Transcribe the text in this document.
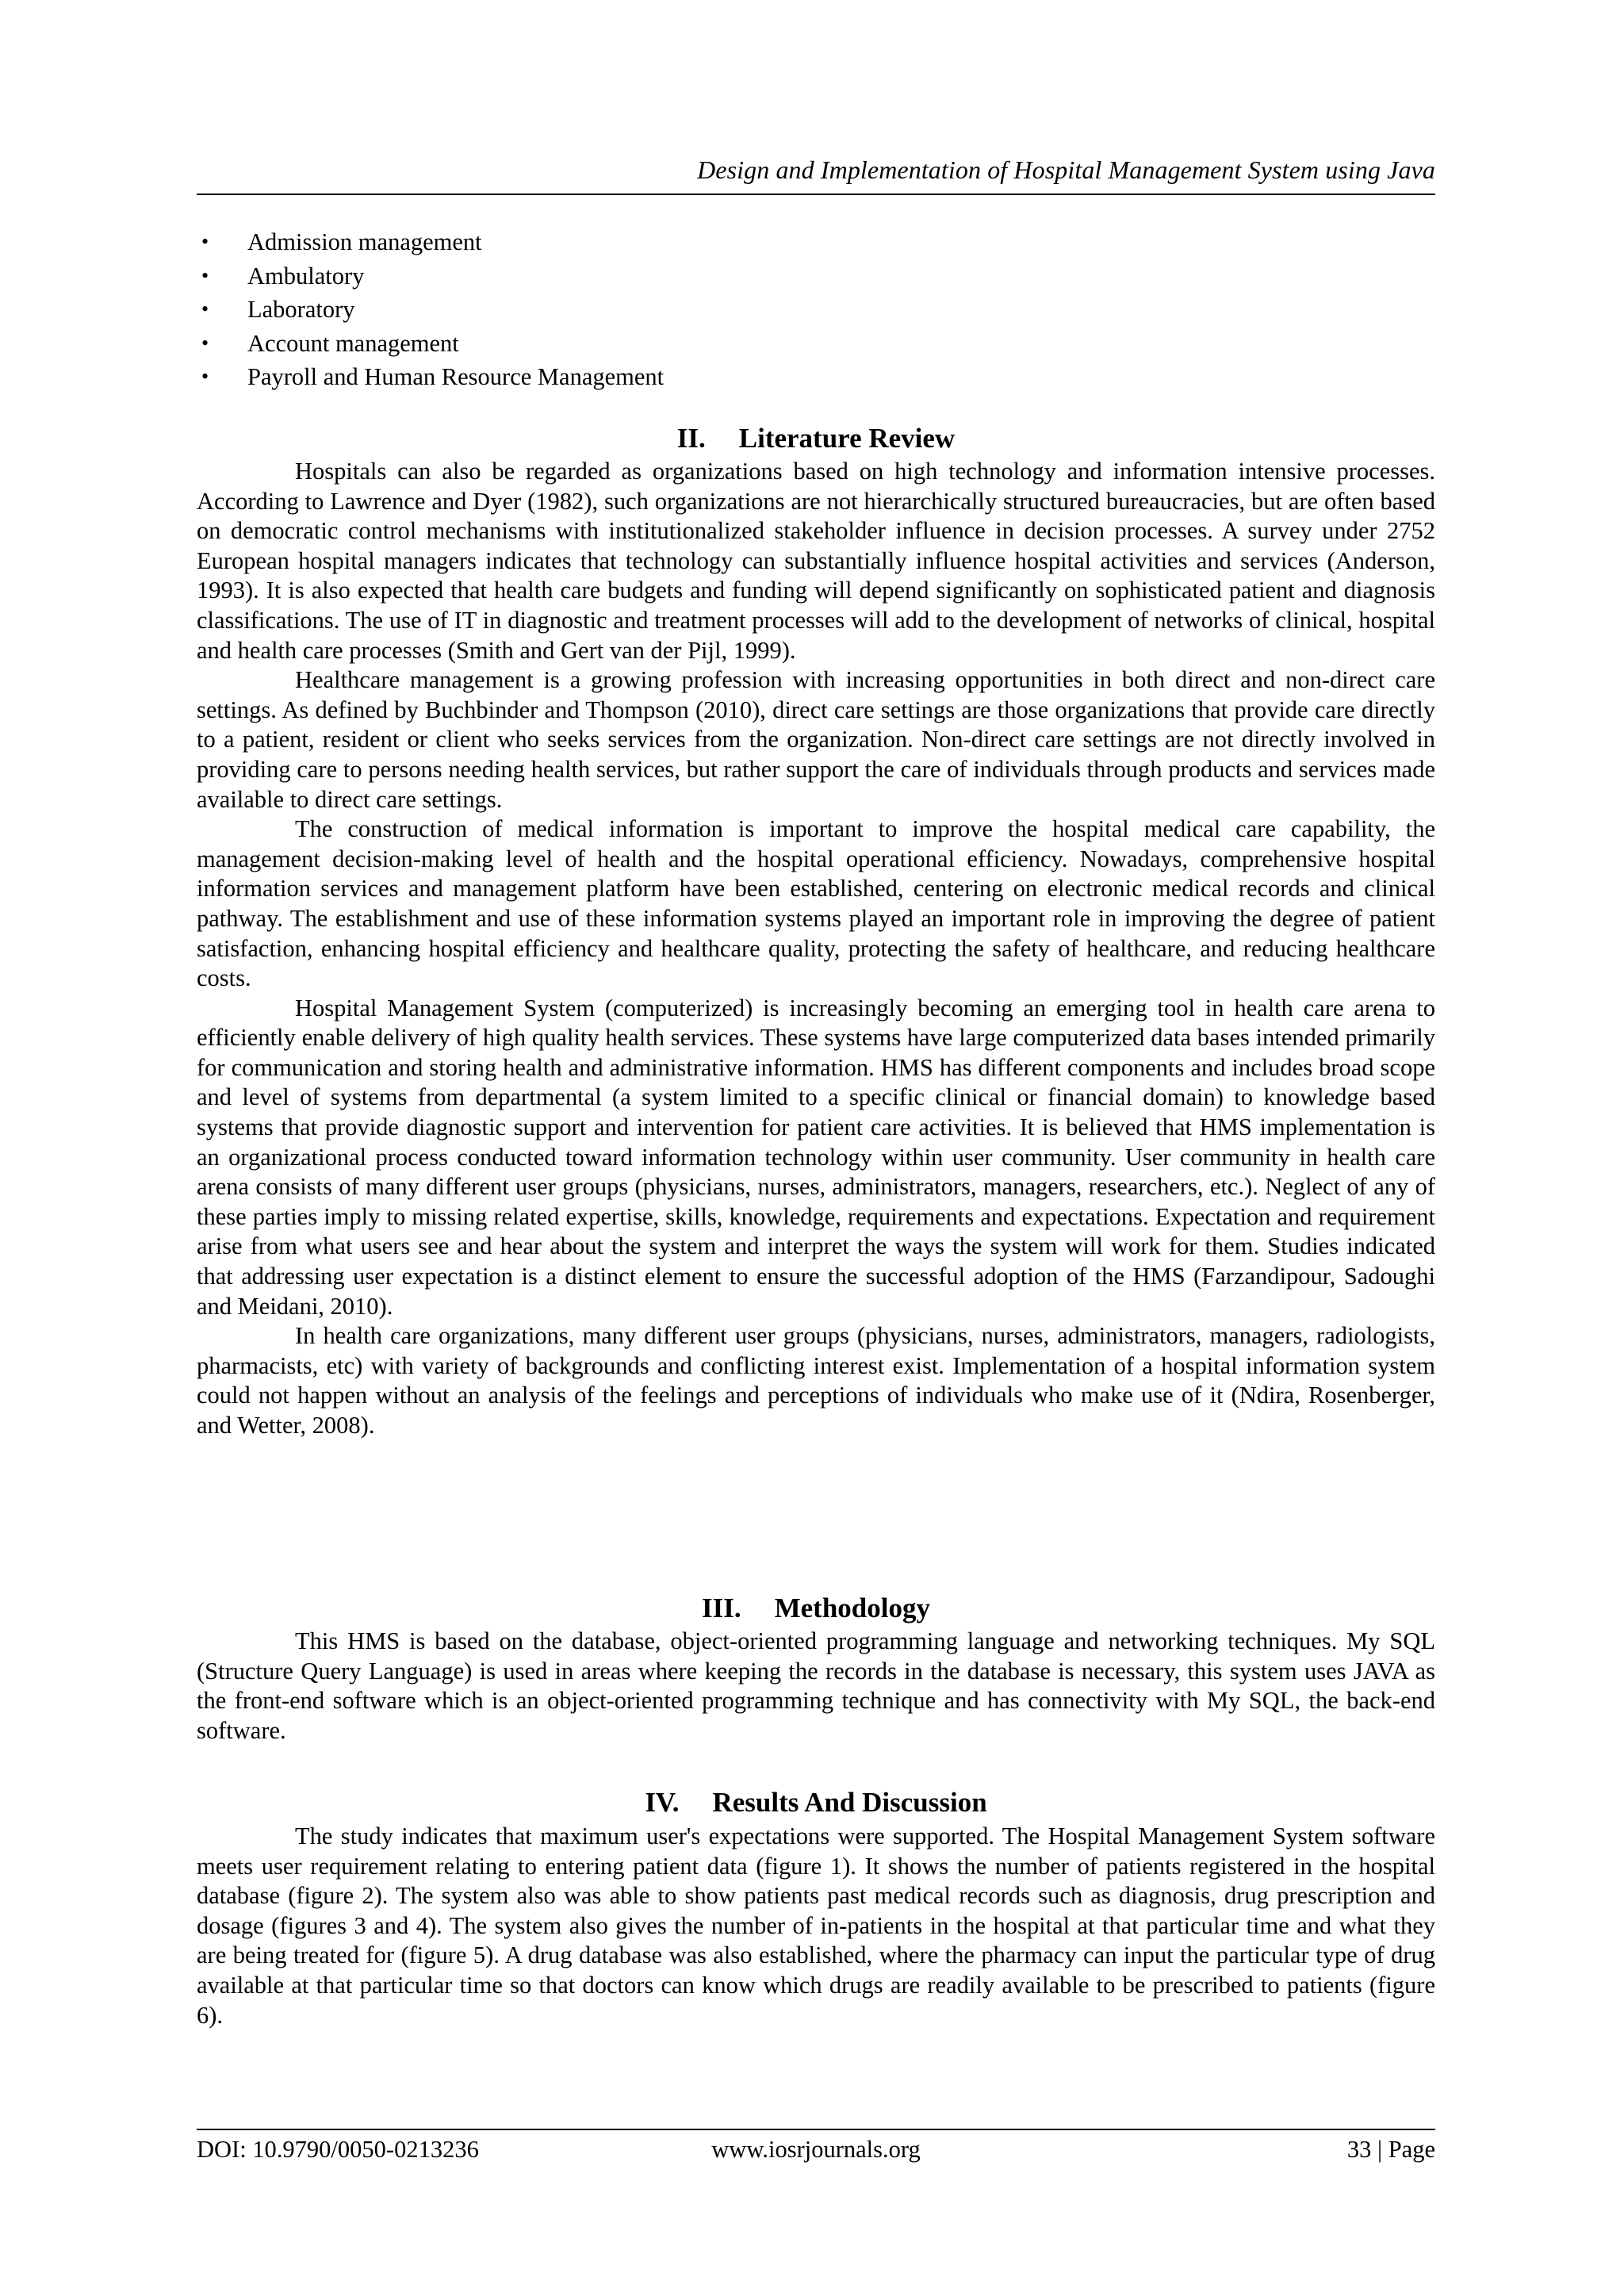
Design and Implementation of Hospital Management System using Java
• Admission management
• Ambulatory
• Laboratory
• Account management
• Payroll and Human Resource Management
II. Literature Review

Hospitals can also be regarded as organizations based on high technology and information intensive processes. According to Lawrence and Dyer (1982), such organizations are not hierarchically structured bureaucracies, but are often based on democratic control mechanisms with institutionalized stakeholder influence in decision processes. A survey under 2752 European hospital managers indicates that technology can substantially influence hospital activities and services (Anderson, 1993). It is also expected that health care budgets and funding will depend significantly on sophisticated patient and diagnosis classifications. The use of IT in diagnostic and treatment processes will add to the development of networks of clinical, hospital and health care processes (Smith and Gert van der Pijl, 1999).

Healthcare management is a growing profession with increasing opportunities in both direct and non-direct care settings. As defined by Buchbinder and Thompson (2010), direct care settings are those organizations that provide care directly to a patient, resident or client who seeks services from the organization. Non-direct care settings are not directly involved in providing care to persons needing health services, but rather support the care of individuals through products and services made available to direct care settings.

The construction of medical information is important to improve the hospital medical care capability, the management decision-making level of health and the hospital operational efficiency. Nowadays, comprehensive hospital information services and management platform have been established, centering on electronic medical records and clinical pathway. The establishment and use of these information systems played an important role in improving the degree of patient satisfaction, enhancing hospital efficiency and healthcare quality, protecting the safety of healthcare, and reducing healthcare costs.

Hospital Management System (computerized) is increasingly becoming an emerging tool in health care arena to efficiently enable delivery of high quality health services. These systems have large computerized data bases intended primarily for communication and storing health and administrative information. HMS has different components and includes broad scope and level of systems from departmental (a system limited to a specific clinical or financial domain) to knowledge based systems that provide diagnostic support and intervention for patient care activities. It is believed that HMS implementation is an organizational process conducted toward information technology within user community. User community in health care arena consists of many different user groups (physicians, nurses, administrators, managers, researchers, etc.). Neglect of any of these parties imply to missing related expertise, skills, knowledge, requirements and expectations. Expectation and requirement arise from what users see and hear about the system and interpret the ways the system will work for them. Studies indicated that addressing user expectation is a distinct element to ensure the successful adoption of the HMS (Farzandipour, Sadoughi and Meidani, 2010).

In health care organizations, many different user groups (physicians, nurses, administrators, managers, radiologists, pharmacists, etc) with variety of backgrounds and conflicting interest exist. Implementation of a hospital information system could not happen without an analysis of the feelings and perceptions of individuals who make use of it (Ndira, Rosenberger, and Wetter, 2008).

III. Methodology

This HMS is based on the database, object-oriented programming language and networking techniques. My SQL (Structure Query Language) is used in areas where keeping the records in the database is necessary, this system uses JAVA as the front-end software which is an object-oriented programming technique and has connectivity with My SQL, the back-end software.

IV. Results And Discussion

The study indicates that maximum user's expectations were supported. The Hospital Management System software meets user requirement relating to entering patient data (figure 1). It shows the number of patients registered in the hospital database (figure 2). The system also was able to show patients past medical records such as diagnosis, drug prescription and dosage (figures 3 and 4). The system also gives the number of in-patients in the hospital at that particular time and what they are being treated for (figure 5). A drug database was also established, where the pharmacy can input the particular type of drug available at that particular time so that doctors can know which drugs are readily available to be prescribed to patients (figure 6).

DOI: 10.9790/0050-0213236	www.iosrjournals.org	33 | Page
